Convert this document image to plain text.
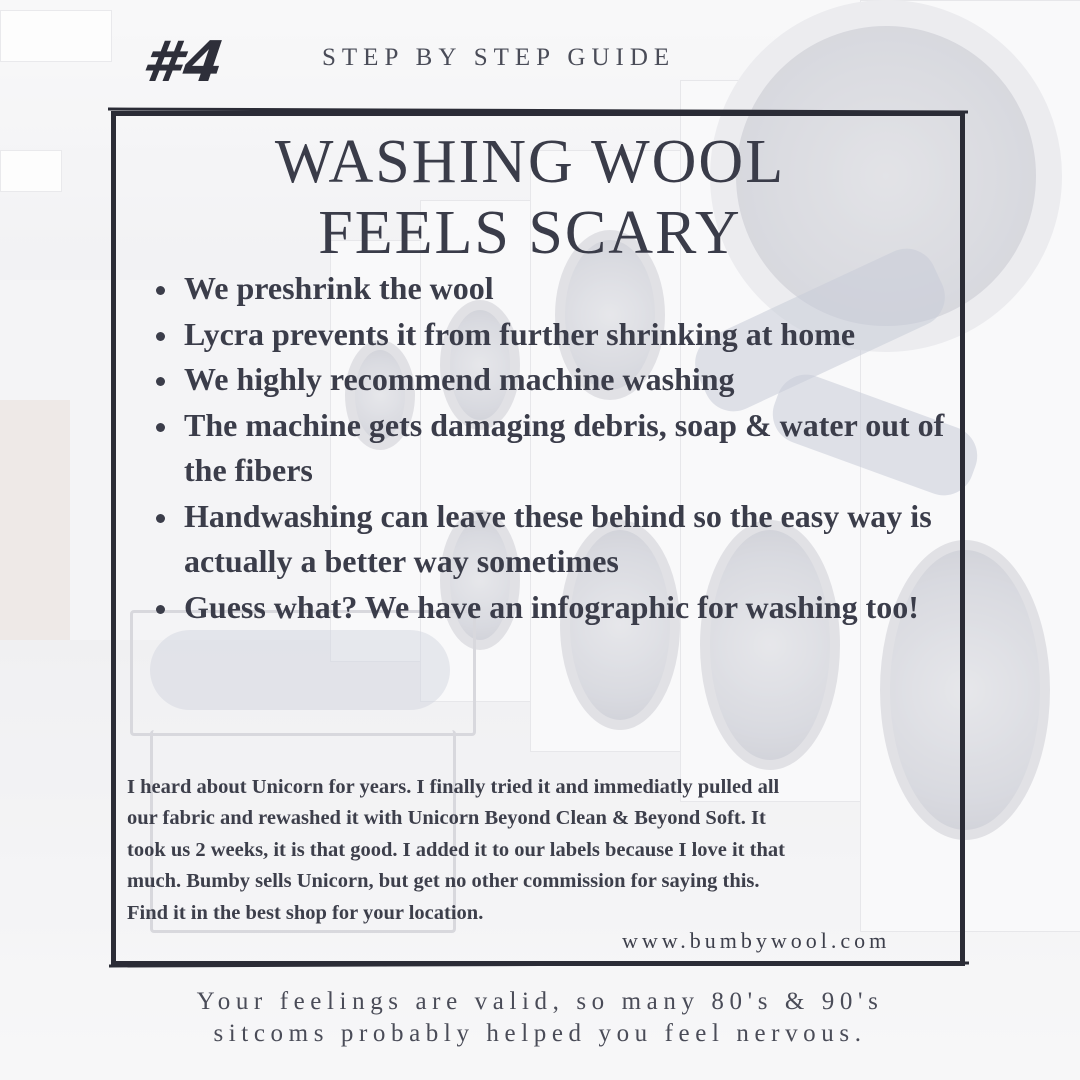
#4	STEP BY STEP GUIDE
WASHING WOOL
FEELS SCARY
We preshrink the wool
Lycra prevents it from further shrinking at home
We highly recommend machine washing
The machine gets damaging debris, soap & water out of the fibers
Handwashing can leave these behind so the easy way is actually a better way sometimes
Guess what? We have an infographic for washing too!
I heard about Unicorn for years. I finally tried it and immediatly pulled all
our fabric and rewashed it with Unicorn Beyond Clean & Beyond Soft. It
took us 2 weeks, it is that good. I added it to our labels because I love it that
much. Bumby sells Unicorn, but get no other commission for saying this.
Find it in the best shop for your location.
www.bumbywool.com
Your feelings are valid, so many 80's & 90's
sitcoms probably helped you feel nervous.
